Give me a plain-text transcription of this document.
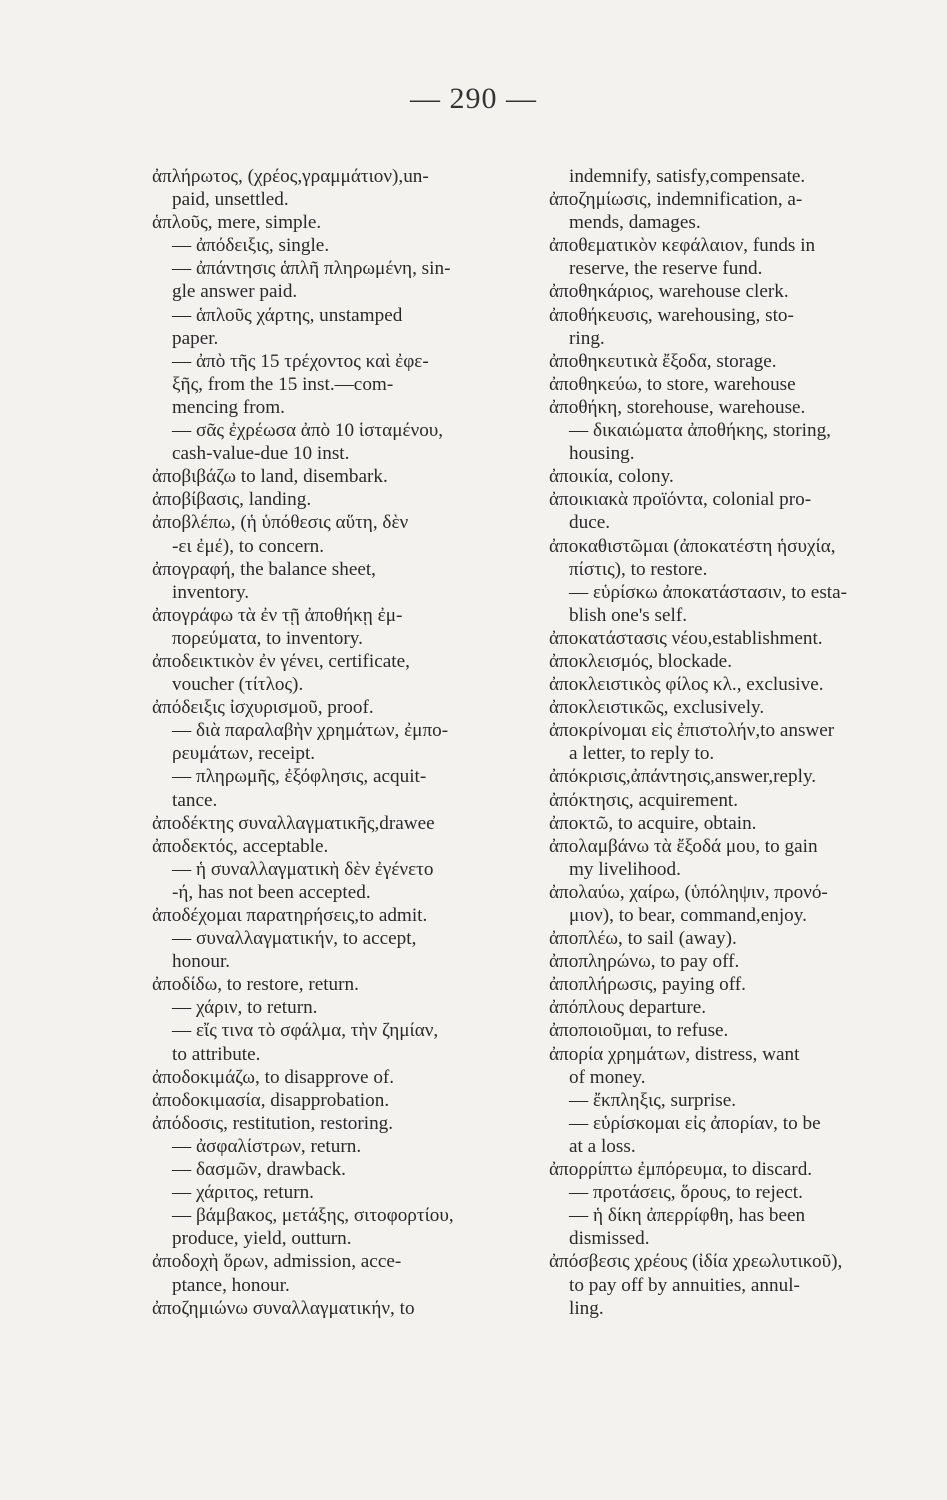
— 290 —
ἀπλήρωτος, (χρέος,γραμμάτιον),un-
paid, unsettled.
ἁπλοῦς, mere, simple.
— ἀπόδειξις, single.
— ἀπάντησις ἁπλῆ πληρωμένη, sin-
gle answer paid.
— ἁπλοῦς χάρτης, unstamped
paper.
— ἀπὸ τῆς 15 τρέχοντος καὶ ἐφε-
ξῆς, from the 15 inst.—com-
mencing from.
— σᾶς ἐχρέωσα ἀπὸ 10 ἱσταμένου,
cash-value-due 10 inst.
ἀποβιβάζω to land, disembark.
ἀποβίβασις, landing.
ἀποβλέπω, (ἡ ὑπόθεσις αὕτη, δὲν
-ει ἐμέ), to concern.
ἀπογραφή, the balance sheet,
inventory.
ἀπογράφω τὰ ἐν τῇ ἀποθήκῃ ἐμ-
πορεύματα, to inventory.
ἀποδεικτικὸν ἐν γένει, certificate,
voucher (τίτλος).
ἀπόδειξις ἰσχυρισμοῦ, proof.
— διὰ παραλαβὴν χρημάτων, ἐμπο-
ρευμάτων, receipt.
— πληρωμῆς, ἐξόφλησις, acquit-
tance.
ἀποδέκτης συναλλαγματικῆς,drawee
ἀποδεκτός, acceptable.
— ἡ συναλλαγματικὴ δὲν ἐγένετο
-ή, has not been accepted.
ἀποδέχομαι παρατηρήσεις,to admit.
— συναλλαγματικήν, to accept,
honour.
ἀποδίδω, to restore, return.
— χάριν, to return.
— εἴς τινα τὸ σφάλμα, τὴν ζημίαν,
to attribute.
ἀποδοκιμάζω, to disapprove of.
ἀποδοκιμασία, disapprobation.
ἀπόδοσις, restitution, restoring.
— ἀσφαλίστρων, return.
— δασμῶν, drawback.
— χάριτος, return.
— βάμβακος, μετάξης, σιτοφορτίου,
produce, yield, outturn.
ἀποδοχὴ ὅρων, admission, acce-
ptance, honour.
ἀποζημιώνω συναλλαγματικήν, to
indemnify, satisfy,compensate.
ἀποζημίωσις, indemnification, a-
mends, damages.
ἀποθεματικὸν κεφάλαιον, funds in
reserve, the reserve fund.
ἀποθηκάριος, warehouse clerk.
ἀποθήκευσις, warehousing, sto-
ring.
ἀποθηκευτικὰ ἔξοδα, storage.
ἀποθηκεύω, to store, warehouse
ἀποθήκη, storehouse, warehouse.
— δικαιώματα ἀποθήκης, storing,
housing.
ἀποικία, colony.
ἀποικιακὰ προϊόντα, colonial pro-
duce.
ἀποκαθιστῶμαι (ἀποκατέστη ἡσυχία,
πίστις), to restore.
— εὑρίσκω ἀποκατάστασιν, to esta-
blish one's self.
ἀποκατάστασις νέου,establishment.
ἀποκλεισμός, blockade.
ἀποκλειστικὸς φίλος κλ., exclusive.
ἀποκλειστικῶς, exclusively.
ἀποκρίνομαι εἰς ἐπιστολήν,to answer
a letter, to reply to.
ἀπόκρισις,ἀπάντησις,answer,reply.
ἀπόκτησις, acquirement.
ἀποκτῶ, to acquire, obtain.
ἀπολαμβάνω τὰ ἔξοδά μου, to gain
my livelihood.
ἀπολαύω, χαίρω, (ὑπόληψιν, προνό-
μιον), to bear, command,enjoy.
ἀποπλέω, to sail (away).
ἀποπληρώνω, to pay off.
ἀποπλήρωσις, paying off.
ἀπόπλους departure.
ἀποποιοῦμαι, to refuse.
ἀπορία χρημάτων, distress, want
of money.
— ἔκπληξις, surprise.
— εὑρίσκομαι εἰς ἀπορίαν, to be
at a loss.
ἀπορρίπτω ἐμπόρευμα, to discard.
— προτάσεις, ὅρους, to reject.
— ἡ δίκη ἀπερρίφθη, has been
dismissed.
ἀπόσβεσις χρέους (ἰδία χρεωλυτικοῦ),
to pay off by annuities, annul-
ling.
